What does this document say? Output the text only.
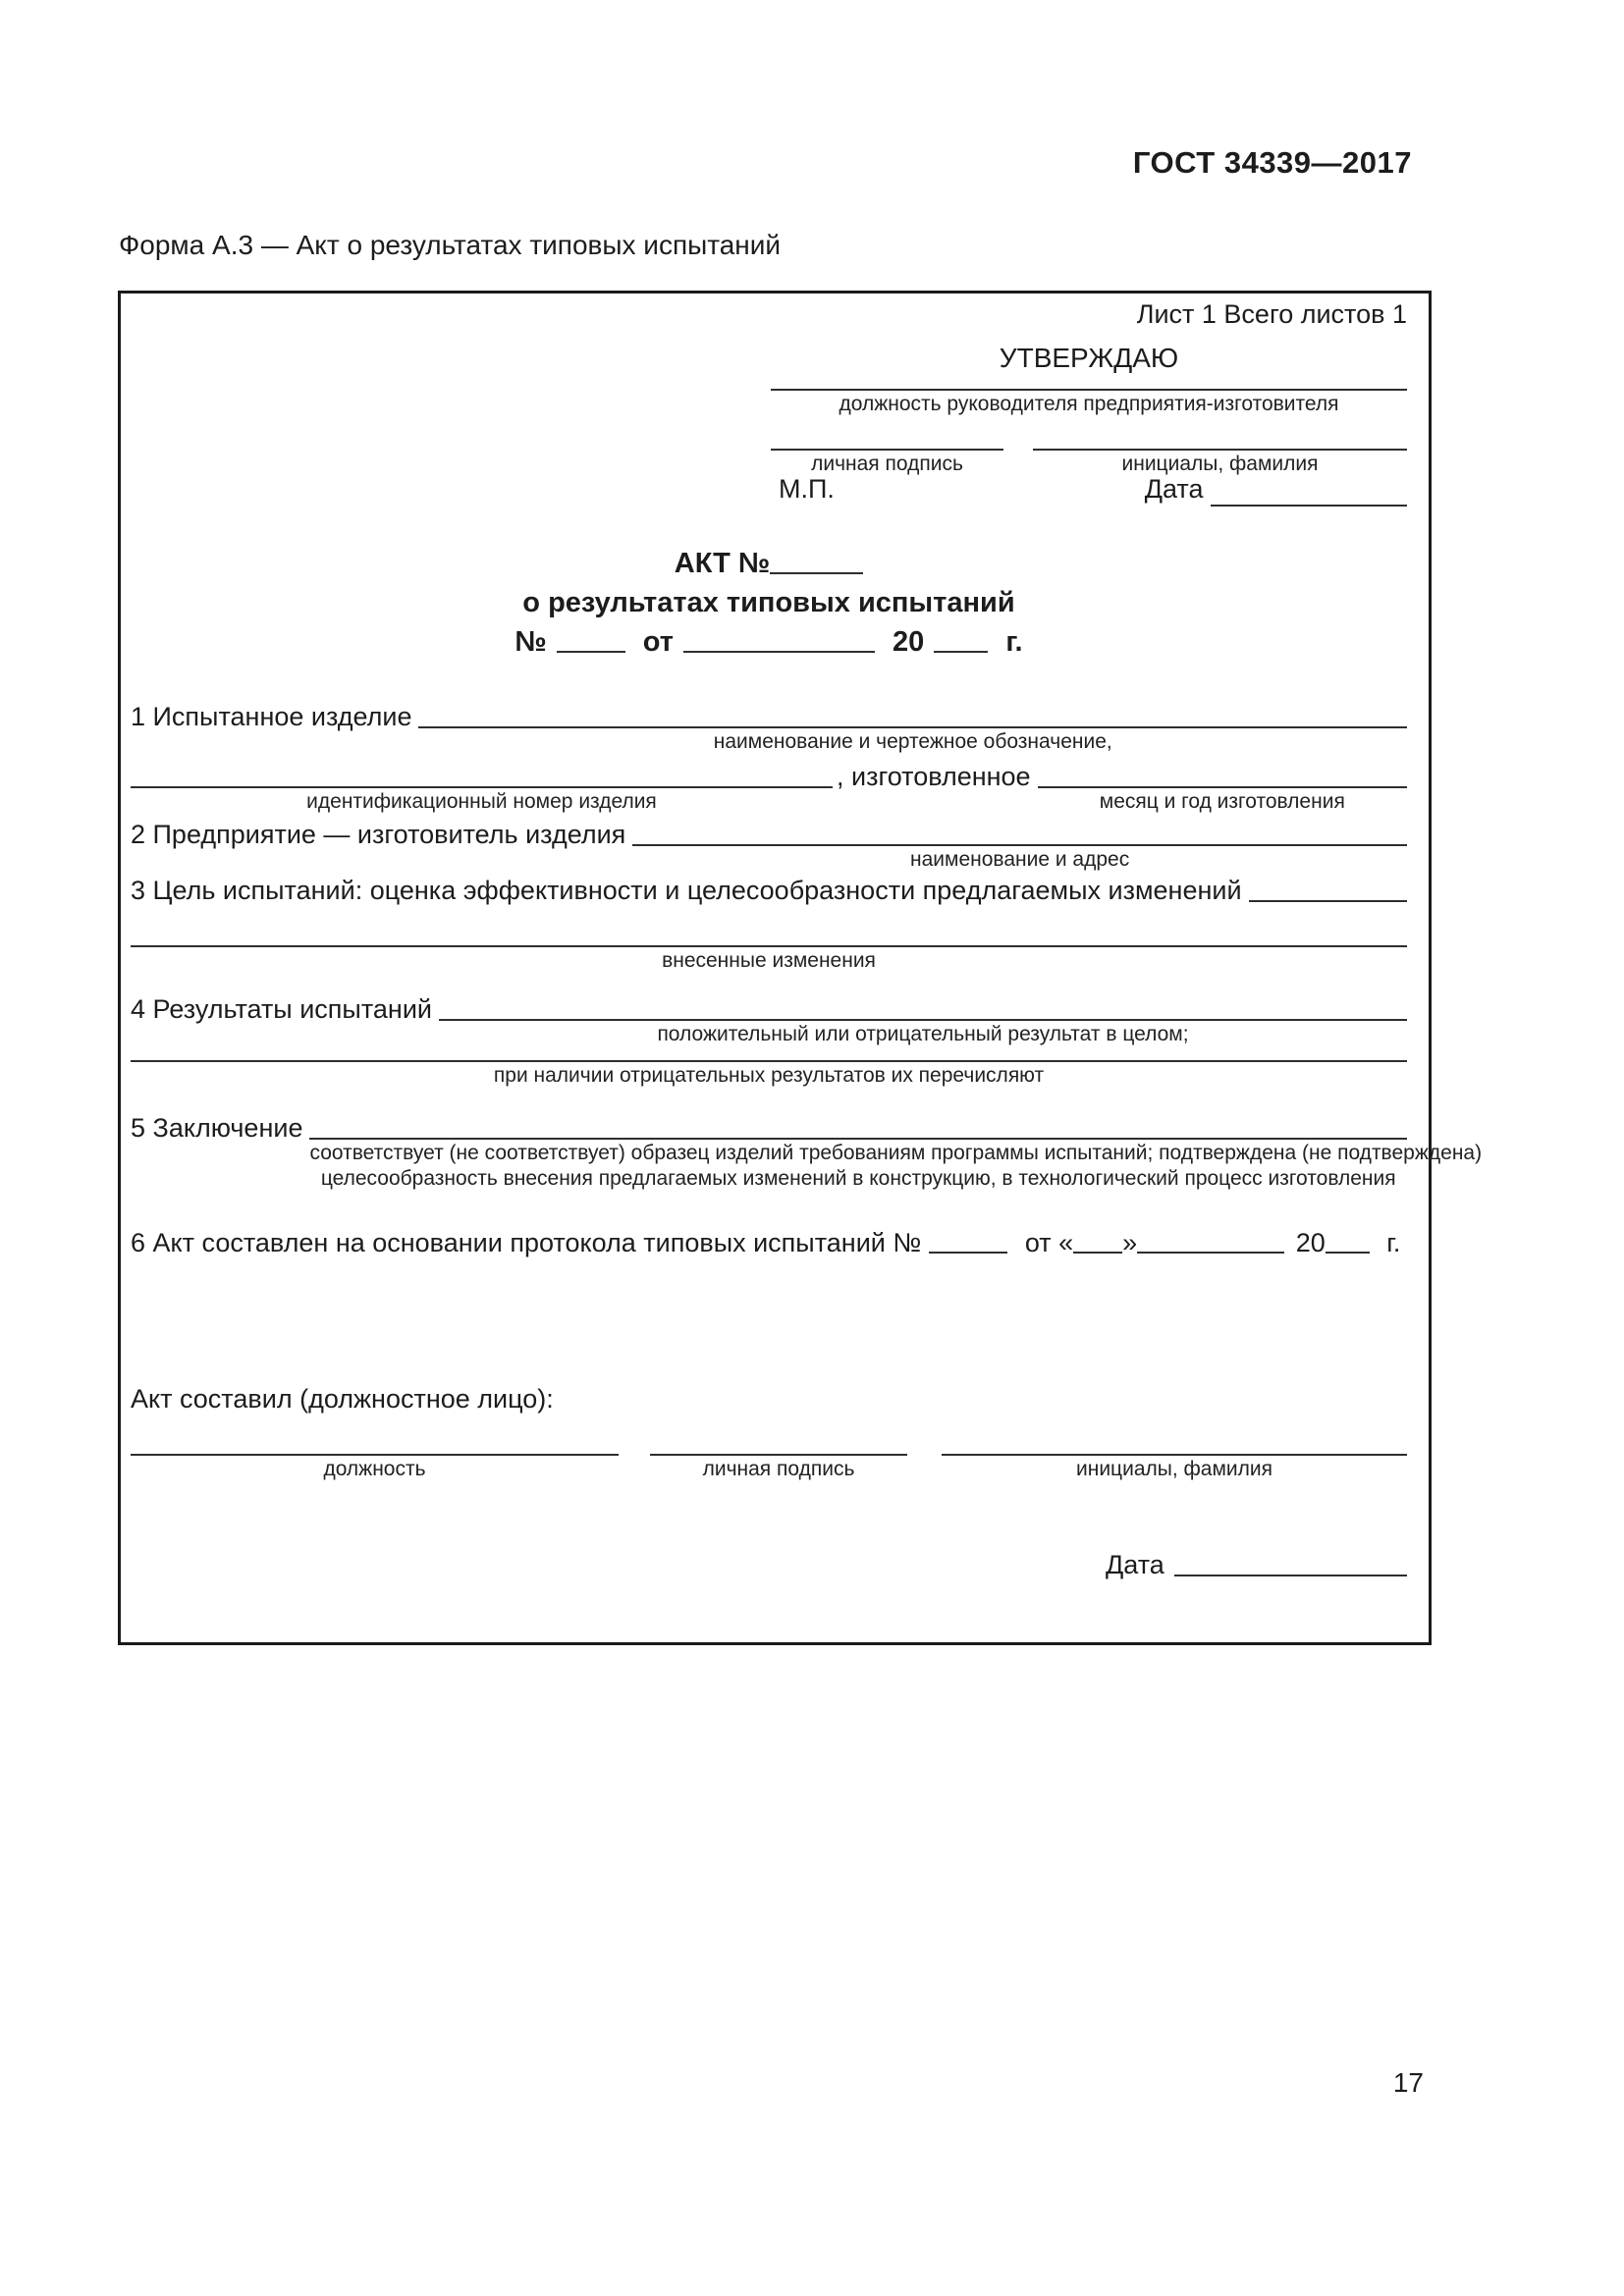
ГОСТ 34339—2017
Форма А.3 — Акт о результатах типовых испытаний
Лист 1 Всего листов 1
УТВЕРЖДАЮ
должность руководителя предприятия-изготовителя
личная подпись	инициалы, фамилия
М.П.	Дата

АКТ №
о результатах типовых испытаний
№	от	20	г.
1 Испытанное изделие
наименование и чертежное обозначение,
идентификационный номер изделия
, изготовленное
месяц и год изготовления
2 Предприятие — изготовитель изделия
наименование и адрес
3 Цель испытаний: оценка эффективности и целесообразности предлагаемых изменений
внесенные изменения
4 Результаты испытаний
положительный или отрицательный результат в целом;
при наличии отрицательных результатов их перечисляют
5 Заключение
соответствует (не соответствует) образец изделий требованиям программы испытаний; подтверждена (не подтверждена)
целесообразность внесения предлагаемых изменений в конструкцию, в технологический процесс изготовления
6 Акт составлен на основании протокола типовых испытаний №	от « »	20 г.
Акт составил (должностное лицо):
должность	личная подпись	инициалы, фамилия
Дата
17
